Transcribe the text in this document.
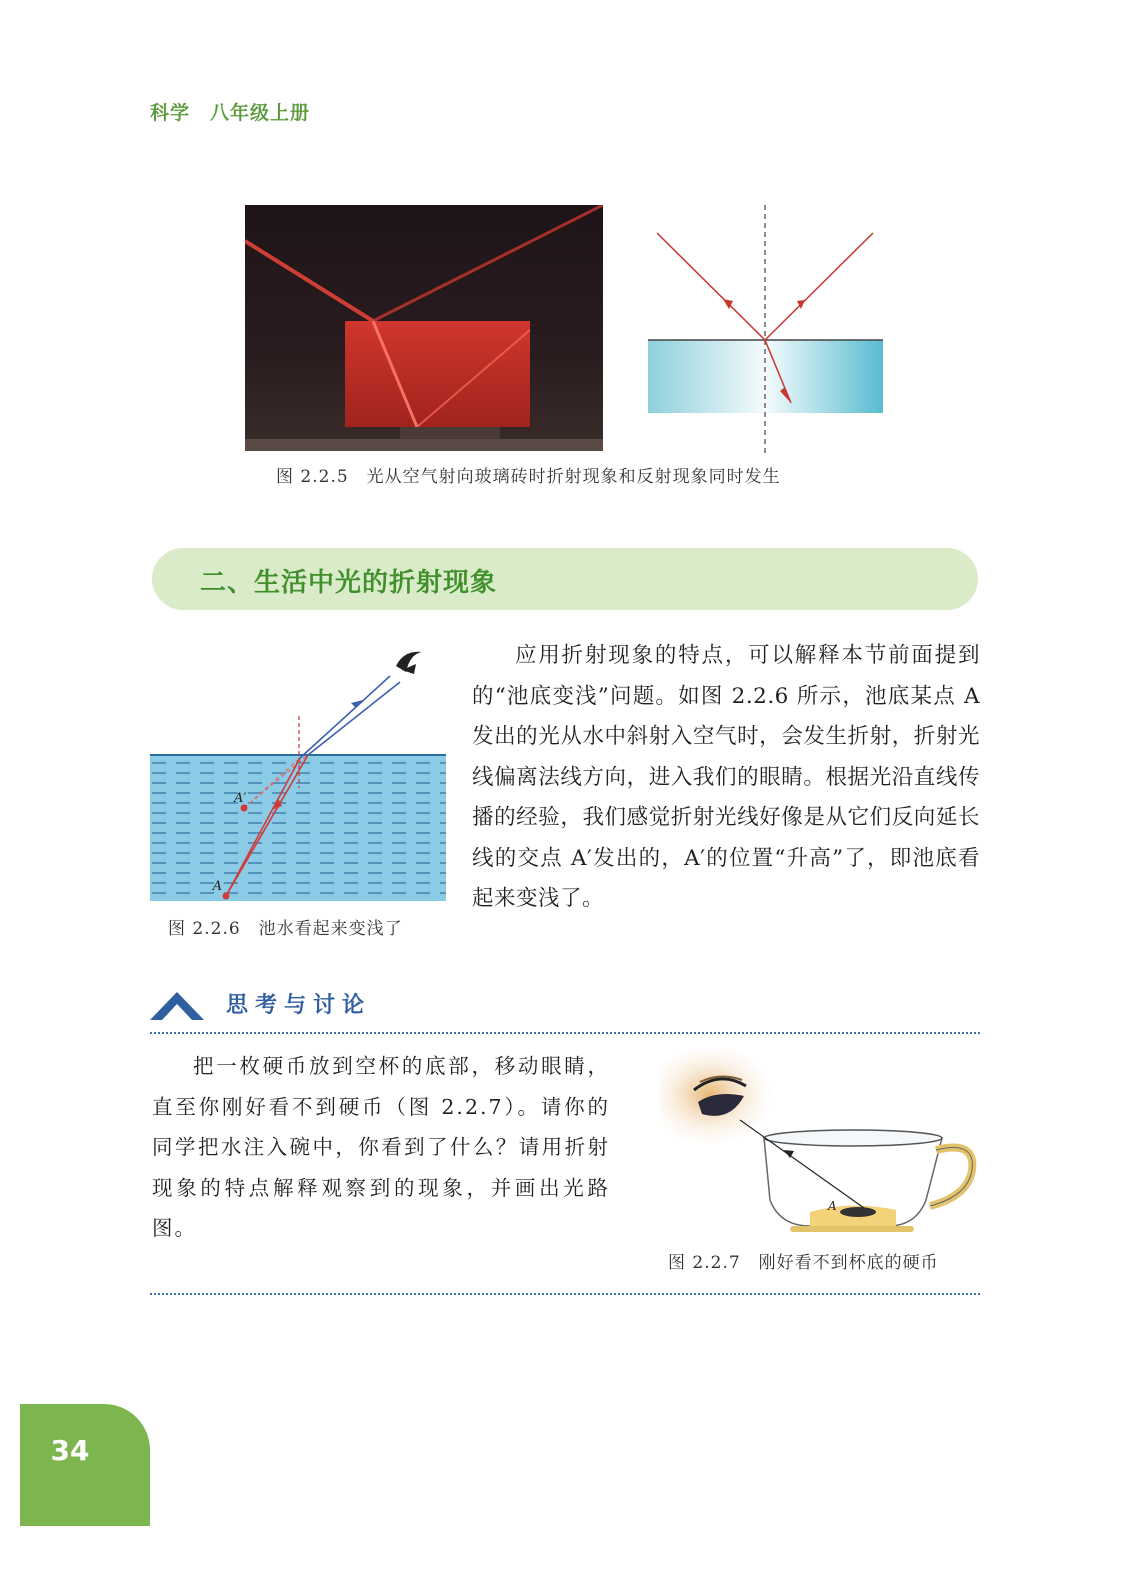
科学　八年级上册
图 2.2.5　光从空气射向玻璃砖时折射现象和反射现象同时发生
二、生活中光的折射现象
A
A′
图 2.2.6　池水看起来变浅了

应用折射现象的特点，可以解释本节前面提到的“池底变浅”问题。如图 2.2.6 所示，池底某点 A 发出的光从水中斜射入空气时，会发生折射，折射光线偏离法线方向，进入我们的眼睛。根据光沿直线传播的经验，我们感觉折射光线好像是从它们反向延长线的交点 A′发出的，A′的位置“升高”了，即池底看起来变浅了。

思考与讨论

把一枚硬币放到空杯的底部，移动眼睛，直至你刚好看不到硬币（图 2.2.7）。请你的同学把水注入碗中，你看到了什么？请用折射现象的特点解释观察到的现象，并画出光路图。

A
图 2.2.7　刚好看不到杯底的硬币
34
